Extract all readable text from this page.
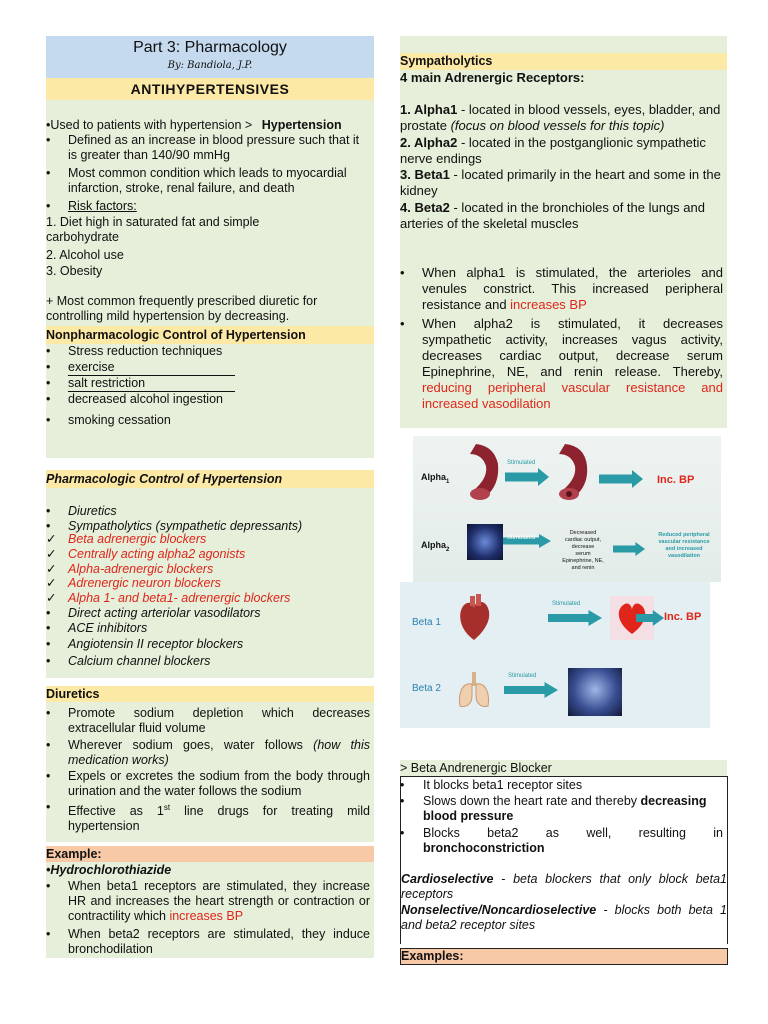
Part 3: Pharmacology
By: Bandiola, J.P.
ANTIHYPERTENSIVES
•Used to patients with hypertension > Hypertension
•	Defined as an increase in blood pressure such that it is greater than 140/90 mmHg
•	Most common condition which leads to myocardial infarction, stroke, renal failure, and death
•	Risk factors:
1. Diet high in saturated fat and simple carbohydrate
2. Alcohol use
3. Obesity
+ Most common frequently prescribed diuretic for controlling mild hypertension by decreasing.
Nonpharmacologic Control of Hypertension
•	Stress reduction techniques
•	exercise
•	salt restriction
•	decreased alcohol ingestion
•	smoking cessation
Pharmacologic Control of Hypertension
•	Diuretics
•	Sympatholytics (sympathetic depressants)
✓ Beta adrenergic blockers
✓ Centrally acting alpha2 agonists
✓ Alpha-adrenergic blockers
✓ Adrenergic neuron blockers
✓ Alpha 1- and beta1- adrenergic blockers
•	Direct acting arteriolar vasodilators
•	ACE inhibitors
•	Angiotensin II receptor blockers
•	Calcium channel blockers
Diuretics
•	Promote sodium depletion which decreases extracellular fluid volume
•	Wherever sodium goes, water follows (how this medication works)
•	Expels or excretes the sodium from the body through urination and the water follows the sodium
•	Effective as 1st line drugs for treating mild hypertension
Example:
•Hydrochlorothiazide
•	When beta1 receptors are stimulated, they increase HR and increases the heart strength or contraction or contractility which increases BP
•	When beta2 receptors are stimulated, they induce bronchodilation
Sympatholytics
4 main Adrenergic Receptors:
1. Alpha1 - located in blood vessels, eyes, bladder, and prostate (focus on blood vessels for this topic)
2. Alpha2 - located in the postganglionic sympathetic nerve endings
3. Beta1 - located primarily in the heart and some in the kidney
4. Beta2 - located in the bronchioles of the lungs and arteries of the skeletal muscles
•	When alpha1 is stimulated, the arterioles and venules constrict. This increased peripheral resistance and increases BP
•	When alpha2 is stimulated, it decreases sympathetic activity, increases vagus activity, decreases cardiac output, decrease serum Epinephrine, NE, and renin release. Thereby, reducing peripheral vascular resistance and increased vasodilation
Alpha$_1$
Stimulated
Inc. BP
Alpha$_2$
Stimulated
Decreased
cardiac output,
decrease
serum
Epinephrine, NE,
and renin
Reduced peripheral
vascular resistance
and increased
vasodilation
Beta 1
Stimulated
Inc. BP
Beta 2
Stimulated
> Beta Andrenergic Blocker
•	It blocks beta1 receptor sites
•	Slows down the heart rate and thereby decreasing blood pressure
•	Blocks beta2 as well, resulting in bronchoconstriction
Cardioselective - beta blockers that only block beta1 receptors
Nonselective/Noncardioselective - blocks both beta 1 and beta2 receptor sites
Examples:
